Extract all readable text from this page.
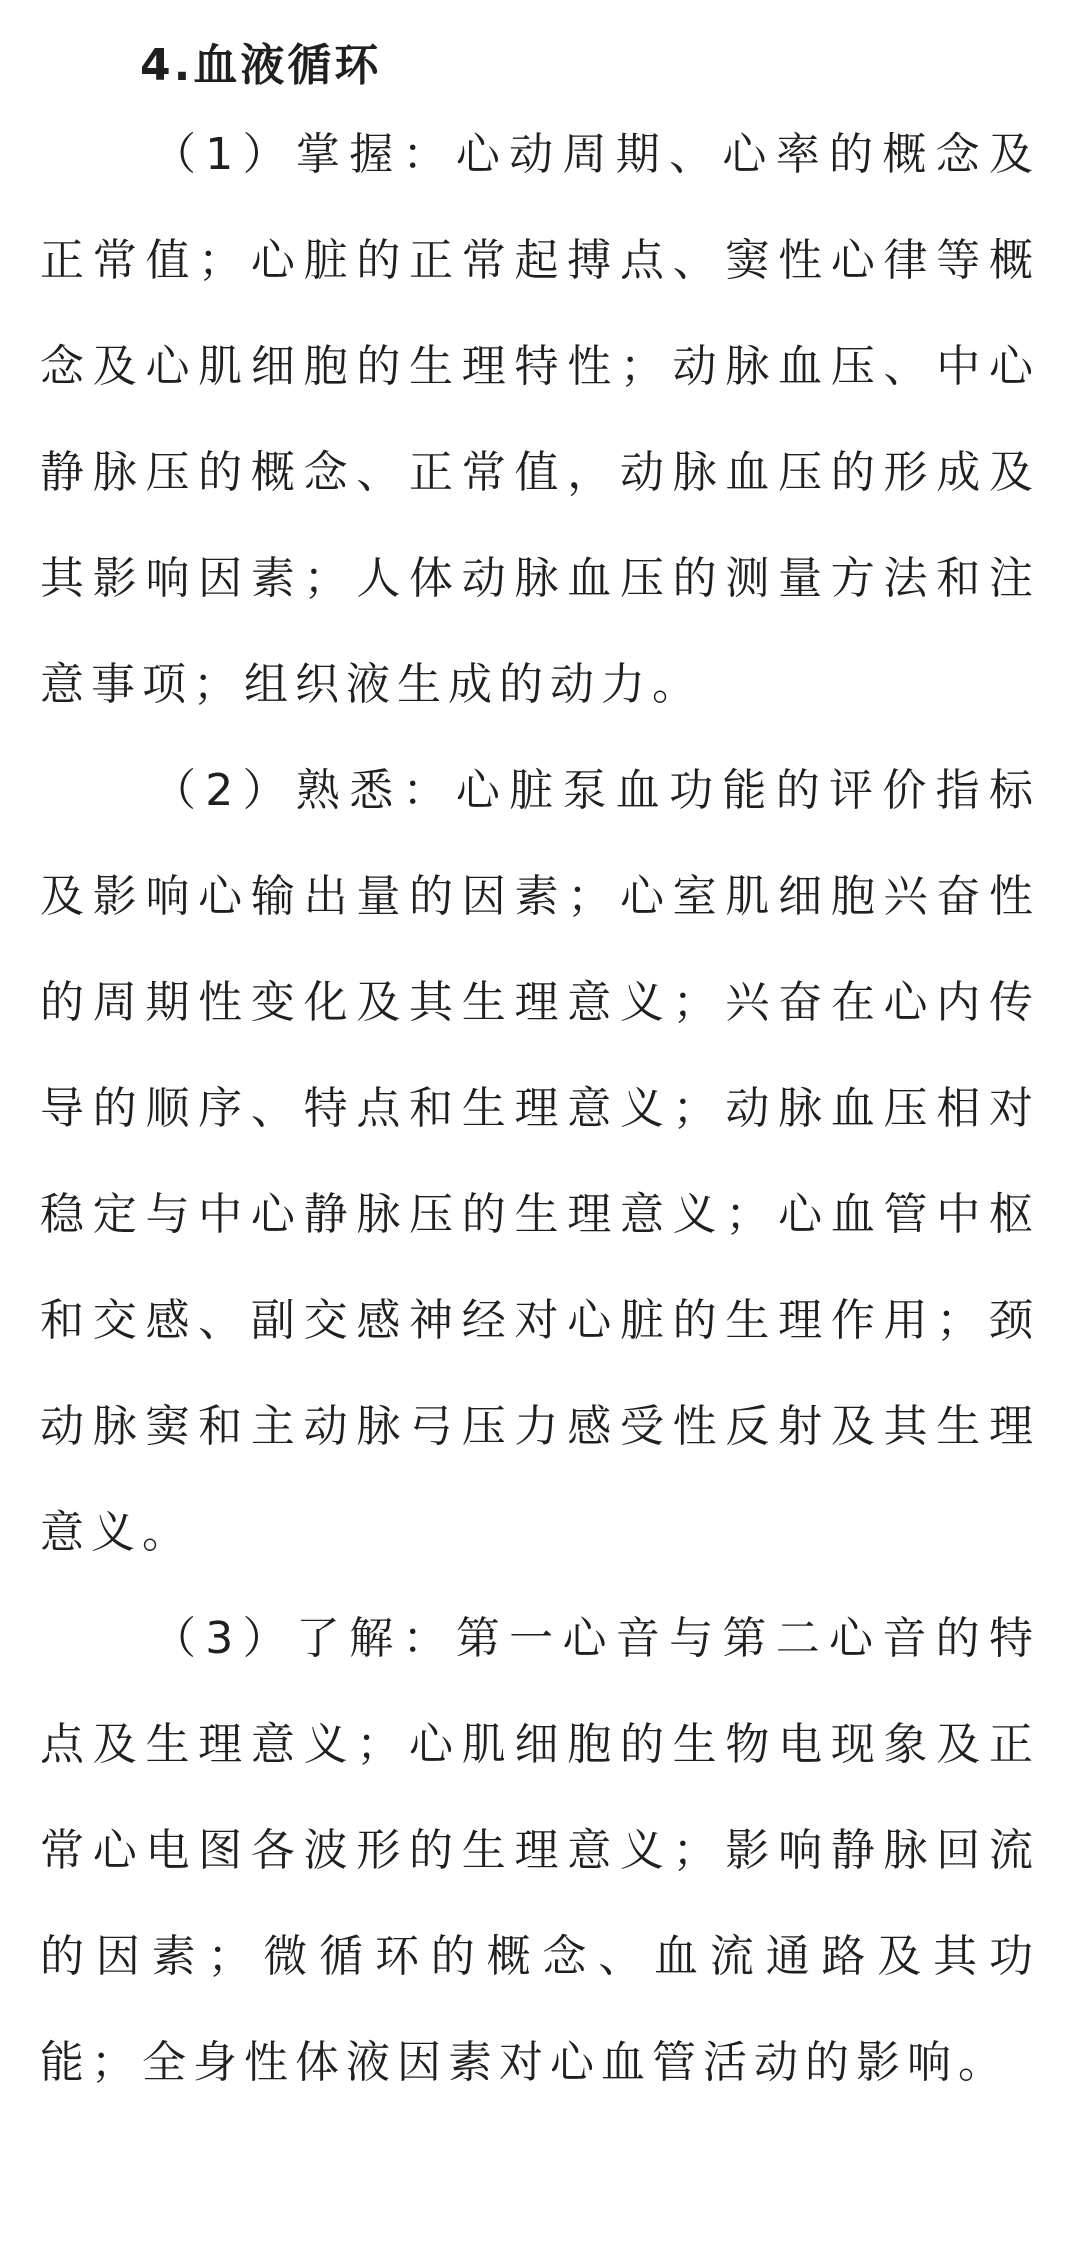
4.血液循环

（1）掌握：心动周期、心率的概念及正常值；心脏的正常起搏点、窦性心律等概念及心肌细胞的生理特性；动脉血压、中心静脉压的概念、正常值，动脉血压的形成及其影响因素；人体动脉血压的测量方法和注意事项；组织液生成的动力。

（2）熟悉：心脏泵血功能的评价指标及影响心输出量的因素；心室肌细胞兴奋性的周期性变化及其生理意义；兴奋在心内传导的顺序、特点和生理意义；动脉血压相对稳定与中心静脉压的生理意义；心血管中枢和交感、副交感神经对心脏的生理作用；颈动脉窦和主动脉弓压力感受性反射及其生理意义。

（3）了解：第一心音与第二心音的特点及生理意义；心肌细胞的生物电现象及正常心电图各波形的生理意义；影响静脉回流的因素；微循环的概念、血流通路及其功能；全身性体液因素对心血管活动的影响。
